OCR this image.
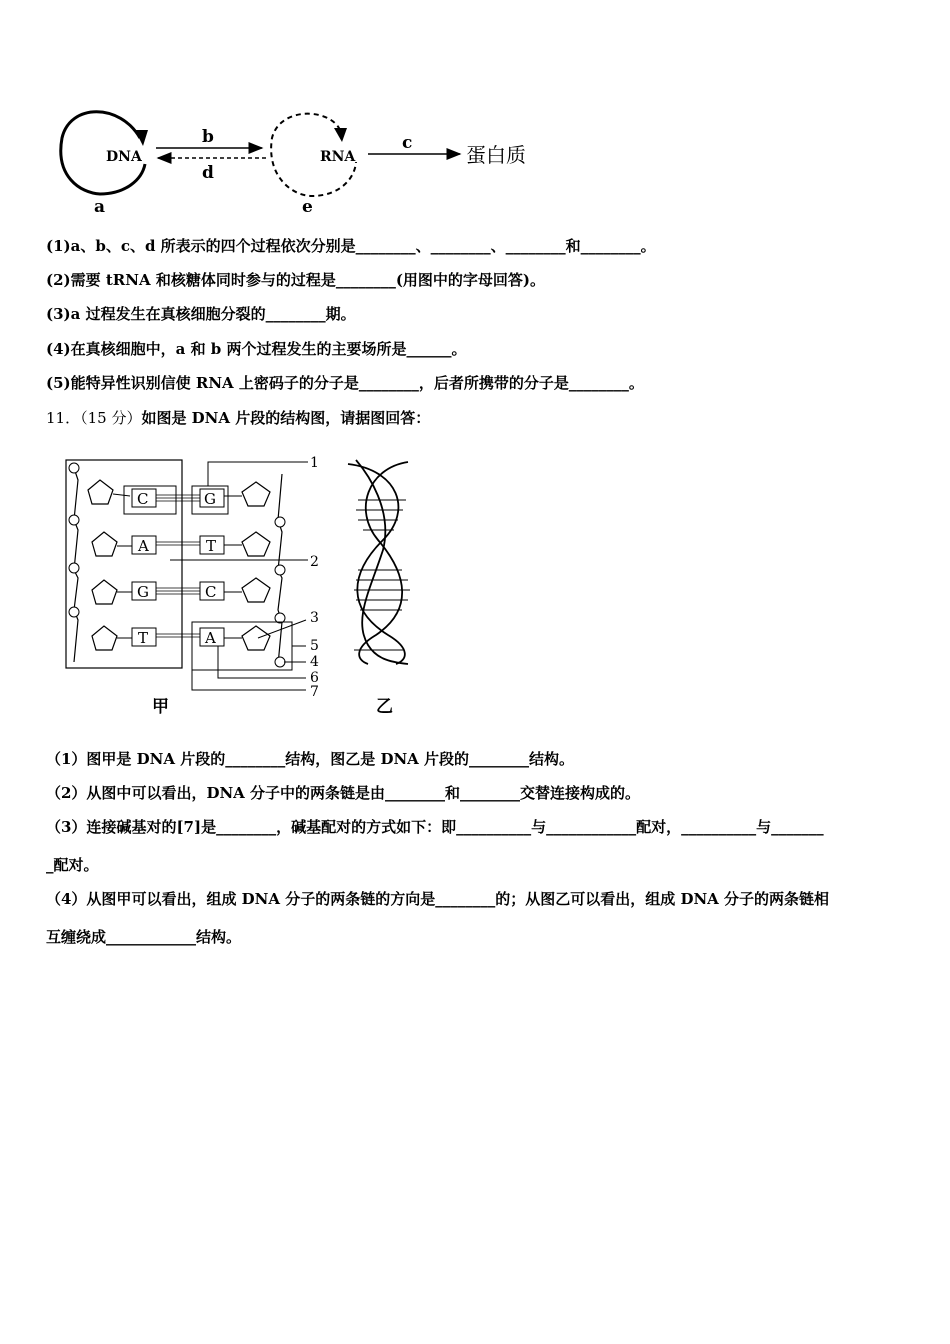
DNA
a
b
d
RNA
e
c	蛋白质
(1)a、b、c、d 所表示的四个过程依次分别是________、________、________和________。
(2)需要 tRNA 和核糖体同时参与的过程是________(用图中的字母回答)。
(3)a 过程发生在真核细胞分裂的________期。
(4)在真核细胞中，a 和 b 两个过程发生的主要场所是______。
(5)能特异性识别信使 RNA 上密码子的分子是________，后者所携带的分子是________。
11．（15 分）如图是 DNA 片段的结构图，请据图回答：
C	G
A	T
G	C
T	A
1
2
3
5
4
6
7
甲	乙
（1）图甲是 DNA 片段的________结构，图乙是 DNA 片段的________结构。
（2）从图中可以看出，DNA 分子中的两条链是由________和________交替连接构成的。
（3）连接碱基对的[7]是________，碱基配对的方式如下：即__________与____________配对，__________与_______
_配对。
（4）从图甲可以看出，组成 DNA 分子的两条链的方向是________的；从图乙可以看出，组成 DNA 分子的两条链相
互缠绕成____________结构。
